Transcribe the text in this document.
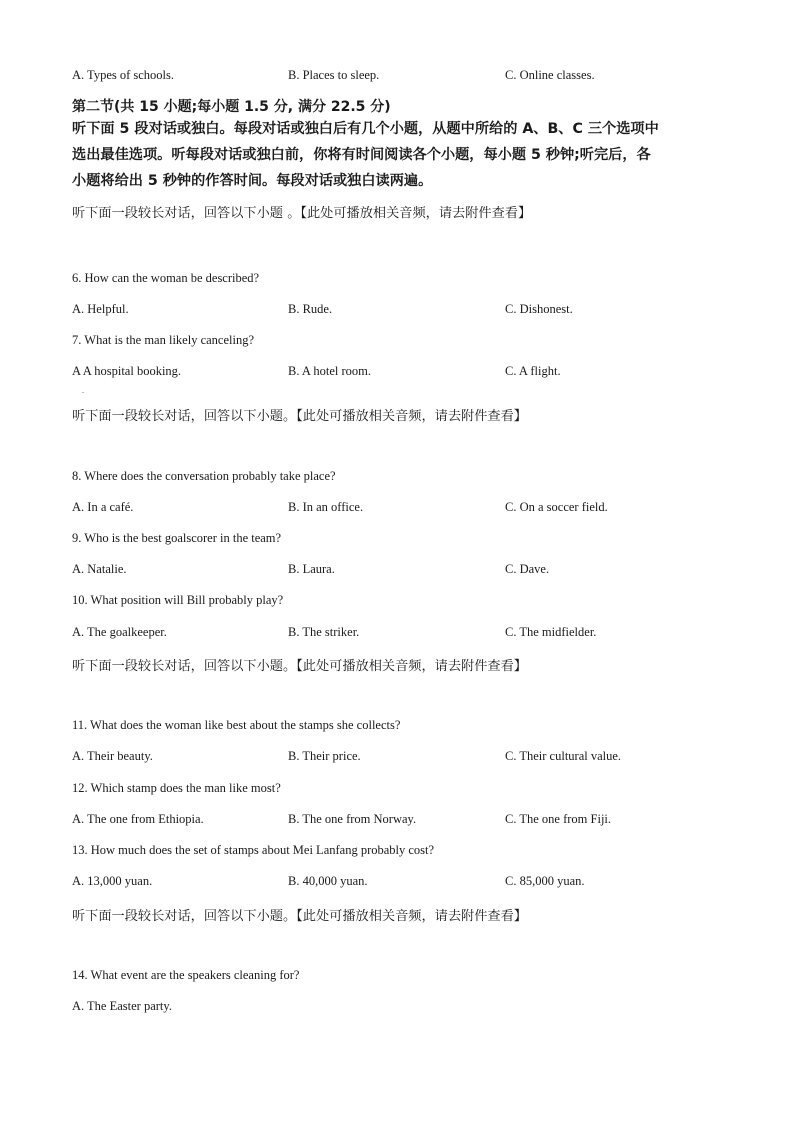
A. Types of schools.	B. Places to sleep.	C. Online classes.
第二节(共 15 小题;每小题 1.5 分, 满分 22.5 分)
听下面 5 段对话或独白。每段对话或独白后有几个小题，从题中所给的 A、B、C 三个选项中
选出最佳选项。听每段对话或独白前，你将有时间阅读各个小题，每小题 5 秒钟;听完后，各
小题将给出 5 秒钟的作答时间。每段对话或独白读两遍。
听下面一段较长对话，回答以下小题 。【此处可播放相关音频，请去附件查看】
6. How can the woman be described?
A. Helpful.	B. Rude.	C. Dishonest.
7. What is the man likely canceling?
A A hospital booking.	B. A hotel room.	C. A flight.
.
听下面一段较长对话，回答以下小题。【此处可播放相关音频，请去附件查看】
8. Where does the conversation probably take place?
A. In a café.	B. In an office.	C. On a soccer field.
9. Who is the best goalscorer in the team?
A. Natalie.	B. Laura.	C. Dave.
10. What position will Bill probably play?
A. The goalkeeper.	B. The striker.	C. The midfielder.
听下面一段较长对话，回答以下小题。【此处可播放相关音频，请去附件查看】
11. What does the woman like best about the stamps she collects?
A. Their beauty.	B. Their price.	C. Their cultural value.
12. Which stamp does the man like most?
A. The one from Ethiopia.	B. The one from Norway.	C. The one from Fiji.
13. How much does the set of stamps about Mei Lanfang probably cost?
A. 13,000 yuan.	B. 40,000 yuan.	C. 85,000 yuan.
听下面一段较长对话，回答以下小题。【此处可播放相关音频，请去附件查看】
14. What event are the speakers cleaning for?
A. The Easter party.
